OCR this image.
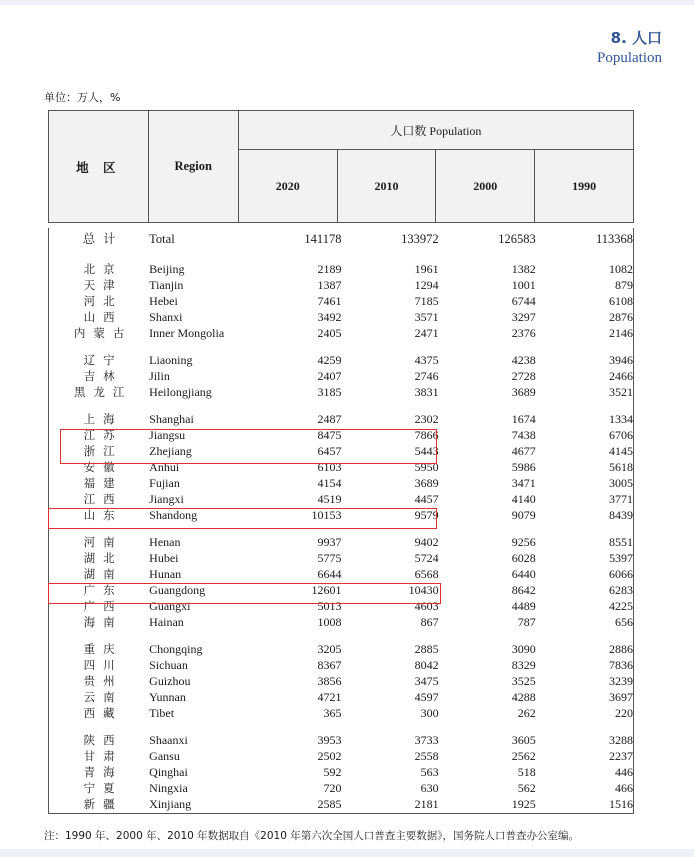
8. 人口
Population
单位：万人，%
地 区	Region	人口数 Population			
		2020	2010	2000	1990
总计	Total	141178	133972	126583	113368

北京	Beijing	2189	1961	1382	1082
天津	Tianjin	1387	1294	1001	879
河北	Hebei	7461	7185	6744	6108
山西	Shanxi	3492	3571	3297	2876
内蒙古	Inner Mongolia	2405	2471	2376	2146

辽宁	Liaoning	4259	4375	4238	3946
吉林	Jilin	2407	2746	2728	2466
黑龙江	Heilongjiang	3185	3831	3689	3521

上海	Shanghai	2487	2302	1674	1334
江苏	Jiangsu	8475	7866	7438	6706
浙江	Zhejiang	6457	5443	4677	4145
安徽	Anhui	6103	5950	5986	5618
福建	Fujian	4154	3689	3471	3005
江西	Jiangxi	4519	4457	4140	3771
山东	Shandong	10153	9579	9079	8439

河南	Henan	9937	9402	9256	8551
湖北	Hubei	5775	5724	6028	5397
湖南	Hunan	6644	6568	6440	6066
广东	Guangdong	12601	10430	8642	6283
广西	Guangxi	5013	4603	4489	4225
海南	Hainan	1008	867	787	656

重庆	Chongqing	3205	2885	3090	2886
四川	Sichuan	8367	8042	8329	7836
贵州	Guizhou	3856	3475	3525	3239
云南	Yunnan	4721	4597	4288	3697
西藏	Tibet	365	300	262	220

陕西	Shaanxi	3953	3733	3605	3288
甘肃	Gansu	2502	2558	2562	2237
青海	Qinghai	592	563	518	446
宁夏	Ningxia	720	630	562	466
新疆	Xinjiang	2585	2181	1925	1516
注：1990 年、2000 年、2010 年数据取自《2010 年第六次全国人口普查主要数据》，国务院人口普查办公室编。
